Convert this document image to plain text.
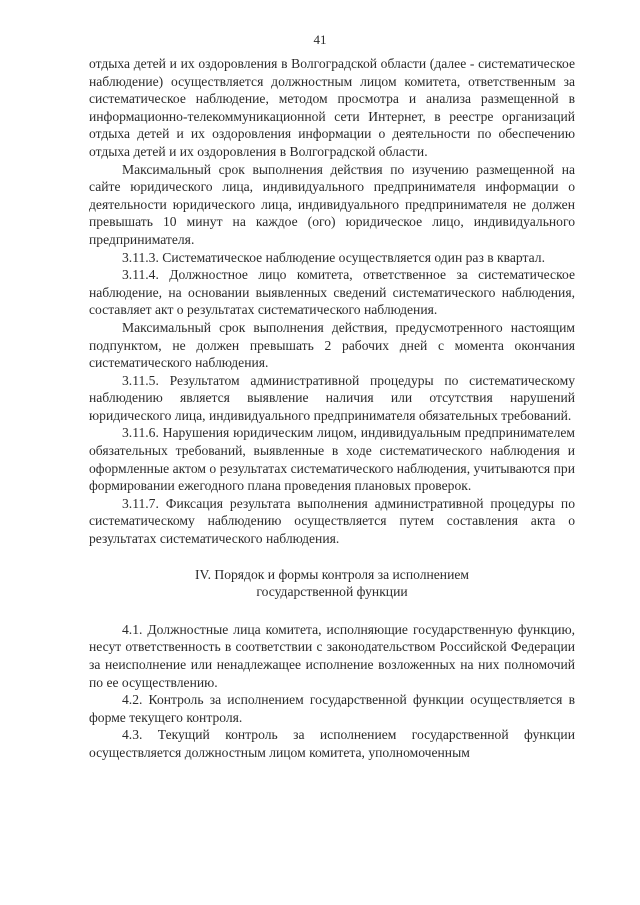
41

отдыха детей и их оздоровления в Волгоградской области (далее - систематическое наблюдение) осуществляется должностным лицом комитета, ответственным за систематическое наблюдение, методом просмотра и анализа размещенной в информационно-телекоммуникационной сети Интернет, в реестре организаций отдыха детей и их оздоровления информации о деятельности по обеспечению отдыха детей и их оздоровления в Волгоградской области.

Максимальный срок выполнения действия по изучению размещенной на сайте юридического лица, индивидуального предпринимателя информации о деятельности юридического лица, индивидуального предпринимателя не должен превышать 10 минут на каждое (ого) юридическое лицо, индивидуального предпринимателя.

3.11.3. Систематическое наблюдение осуществляется один раз в квартал.

3.11.4. Должностное лицо комитета, ответственное за систематическое наблюдение, на основании выявленных сведений систематического наблюдения, составляет акт о результатах систематического наблюдения.

Максимальный срок выполнения действия, предусмотренного настоящим подпунктом, не должен превышать 2 рабочих дней с момента окончания систематического наблюдения.

3.11.5. Результатом административной процедуры по систематическому наблюдению является выявление наличия или отсутствия нарушений юридического лица, индивидуального предпринимателя обязательных требований.

3.11.6. Нарушения юридическим лицом, индивидуальным предпринимателем обязательных требований, выявленные в ходе систематического наблюдения и оформленные актом о результатах систематического наблюдения, учитываются при формировании ежегодного плана проведения плановых проверок.

3.11.7. Фиксация результата выполнения административной процедуры по систематическому наблюдению осуществляется путем составления акта о результатах систематического наблюдения.

IV. Порядок и формы контроля за исполнением
государственной функции

4.1. Должностные лица комитета, исполняющие государственную функцию, несут ответственность в соответствии с законодательством Российской Федерации за неисполнение или ненадлежащее исполнение возложенных на них полномочий по ее осуществлению.

4.2. Контроль за исполнением государственной функции осуществляется в форме текущего контроля.

4.3. Текущий контроль за исполнением государственной функции осуществляется должностным лицом комитета, уполномоченным
